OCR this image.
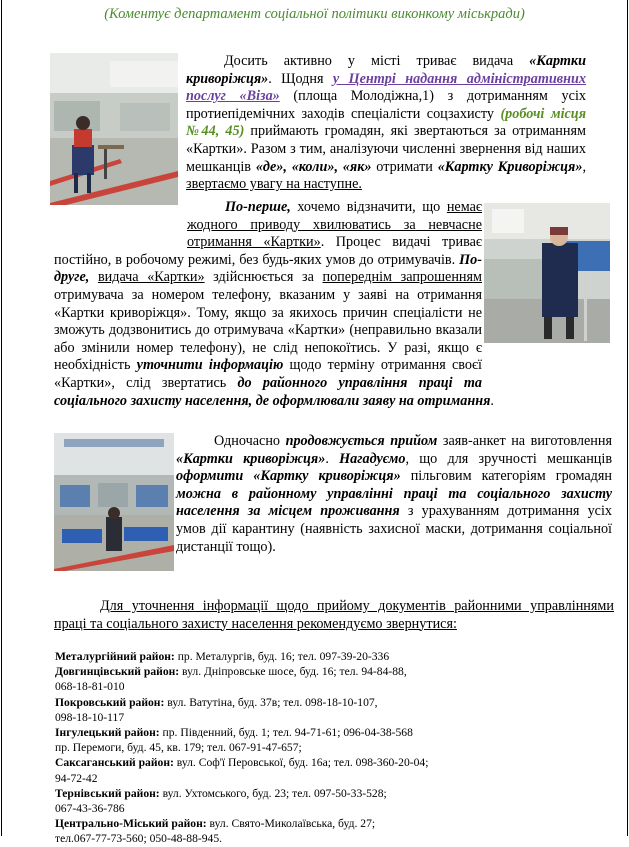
(Коментує департамент соціальної політики виконкому міськради)
Досить активно у місті триває видача «Картки криворіжця». Щодня у Центрі надання адміністративних послуг «Віза» (площа Молодіжна,1) з дотриманням усіх протиепідемічних заходів спеціалісти соцзахисту (робочі місця №44, 45) приймають громадян, які звертаються за отриманням «Картки». Разом з тим, аналізуючи численні звернення від наших мешканців «де», «коли», «як» отримати «Картку Криворіжця», звертаємо увагу на наступне.
По-перше, хочемо відзначити, що немає жодного приводу хвилюватись за невчасне отримання «Картки». Процес видачі триває постійно, в робочому режимі, без будь-яких умов до отримувачів. По-друге, видача «Картки» здійснюється за попереднім запрошенням отримувача за номером телефону, вказаним у заяві на отримання «Картки криворіжця». Тому, якщо за якихось причин спеціалісти не зможуть додзвонитись до отримувача «Картки» (неправильно вказали або змінили номер телефону), не слід непокоїтись. У разі, якщо є необхідність уточнити інформацію щодо терміну отримання своєї «Картки», слід звертатись до районного управління праці та соціального захисту населення, де оформлювали заяву на отримання.
Одночасно продовжується прийом заяв-анкет на виготовлення «Картки криворіжця». Нагадуємо, що для зручності мешканців оформити «Картку криворіжця» пільговим категоріям громадян можна в районному управлінні праці та соціального захисту населення за місцем проживання з урахуванням дотримання усіх умов дії карантину (наявність захисної маски, дотримання соціальної дистанції тощо).
Для уточнення інформації щодо прийому документів районними управліннями праці та соціального захисту населення рекомендуємо звернутися:
Металургійний район: пр. Металургів, буд. 16; тел. 097-39-20-336
Довгинцівський район: вул. Дніпровське шосе, буд. 16; тел. 94-84-88,
068-18-81-010
Покровський район: вул. Ватутіна, буд. 37в; тел. 098-18-10-107,
098-18-10-117
Інгулецький район: пр. Південний, буд. 1; тел. 94-71-61; 096-04-38-568
пр. Перемоги, буд. 45, кв. 179; тел. 067-91-47-657;
Саксаганський район: вул. Соф'ї Перовської, буд. 16а; тел. 098-360-20-04;
94-72-42
Тернівський район: вул. Ухтомського, буд. 23; тел. 097-50-33-528;
067-43-36-786
Центрально-Міський район: вул. Свято-Миколаївська, буд. 27;
тел.067-77-73-560; 050-48-88-945.
